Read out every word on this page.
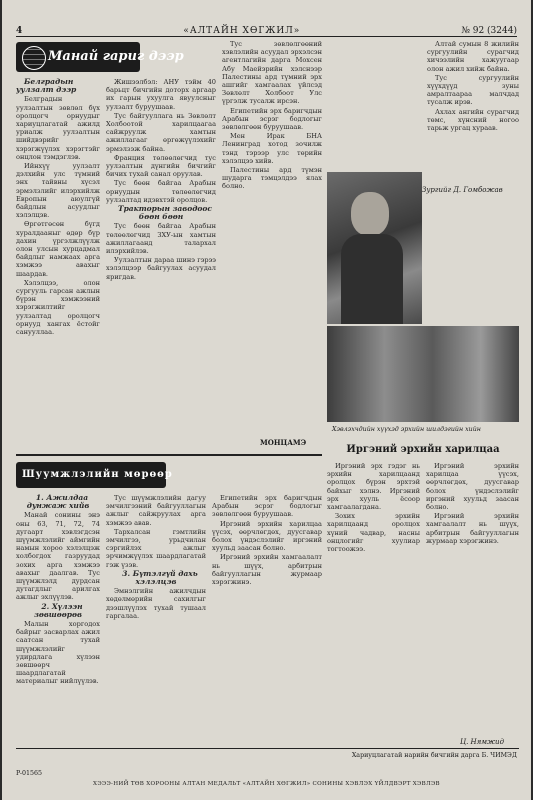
4	«АЛТАЙН ХӨГЖИЛ»	№ 92 (3244)
Манай гариг дээр

Белградын уулзалт дээр

Белградын уулзалтын зөвлөл бүх оролцогч орнуудыг хариуцлагатай ажилд уриалж уулзалтын шийдвэрийг хэрэгжүүлэх хэрэгтэйг онцлон тэмдэглэв.

Ийнхүү уулзалт дэлхийн улс түмний энх тайвны хүсэл эрмэлзлийг илэрхийлж Европын аюулгүй байдлын асуудлыг хэлэлцэв.

Өргөтгөсөн бүгд хуралдааныг өдөр бүр дахин үргэлжлүүлж олон улсын хурцадмал байдлыг намжаах арга хэмжээ авахыг шаардав.

Хэлэлцээ, олон сургууль гарсан ажлын бүрэн хэмжээний хэрэгжилтийг уулзалтад оролцогч орнууд хангах ёстойг санууллаа.

Жишээлбэл: АНУ тэйм 40 барьцт бичгийн доторх аргаар их гарын ухуулга явуулсныг уулзалт буруушаав.

Тус байгууллага нь Зөвлөлт Холбоотой харилцаагаа сайжруулж хамтын ажиллагааг өргөжүүлэхийг эрмэлзэж байна.

Франция төлөөлөгчид тус уулзалтын дүнгийн бичгийг бичих тухай санал оруулав.

Тус бөөн байгаа Арабын орнуудын төлөөлөгчид уулзалтад идэвхтэй оролцов.

Тракторын заводоос бөөн бөөн

Тус бөөн байгаа Арабын төлөөлөгчид ЗХУ-ын хамтын ажиллагаанд талархал илэрхийлэв.

Уулзалтын дараа шинэ гэрээ хэлэлцээр байгуулах асуудал яригдав.

Тус зөвлөлгөөний хэвлэлийн асуудал эрхэлсэн агентлагийн дарга Мохсен Абу Маейэрийн хэлснээр Палестины ард түмний эрх ашгийг хамгаалах үйлсэд Зөвлөлт Холбоот Улс үргэлж тусалж ирсэн.

Египетийн эрх баригчдын Арабын эсрэг бодлогыг зөвлөлгөөн буруушаав.

Мен Ирак БНА Ленинград хотод зочилж тэнд тэрээр улс төрийн хэлэлцээ хийв.

Палестины ард түмэн шударга тэмцэлдээ ялах болно.

МОНЦАМЭ

Алтай сумын 8 жилийн сургуулийн сурагчид хичээлийн хажуугаар олон ажил хийж байна.

Тус сургуулийн хүүхдүүд зуны амралтаараа малчдад тусалж ирэв.

Ахлах ангийн сурагчид төмс, хүнсний ногоо тарьж ургац хураав.

Зургийг Д. Гомбожав
Хэвлэхчдийн хүүхэд эрхийн шилдэгийн хийн
Иргэний эрхийн харилцаа

Иргэний эрх гэдэг нь эрхийн харилцаанд оролцох бүрэн эрхтэй байхыг хэлнэ. Иргэний эрх хууль ёсоор хамгаалагдана.

Зохих эрхийн харилцаанд оролцох хүний чадвар, насны онцлогийг хуулиар тогтоожээ.

Иргэний эрхийн харилцаа үүсэх, өөрчлөгдөх, дуусгавар болох үндэслэлийг иргэний хуульд заасан болно.

Иргэний эрхийн хамгаалалт нь шүүх, арбитрын байгууллагын журмаар хэрэгжинэ.

Ц. Нямжид
Шуумжлэлийн мөрөөр

1. Ажилдаа дунжаж хийв

Манай сонины энэ оны 63, 71, 72, 74 дугаарт хэвлэгдсэн шүүмжлэлийг аймгийн намын хороо хэлэлцэж холбогдох газруудад зохих арга хэмжээ авахыг даалгав. Тус шүүмжлэлд дурдсан дутагдлыг арилгах ажлыг эхлүүлэв.

2. Хүлээн зөвшөөрөв

Малын хоргодох байрыг засварлах ажил саатсан тухай шүүмжлэлийг удирдлага хүлээн зөвшөөрч шаардлагатай материалыг нийлүүлэв.

Тус шүүмжлэлийн дагуу эмчилгээний байгууллагын ажлыг сайжруулах арга хэмжээ авав.

Тархалсан гэмтлийн эмчилгээ, урьдчилан сэргийлэх ажлыг эрчимжүүлэх шаардлагатай гэж үзэв.

3. Бүтэлгүй дахь хэлэлцэв

Эмнэлгийн ажилчдын хөдөлмөрийн сахилгыг дээшлүүлэх тухай тушаал гаргалаа.

Египетийн эрх баригчдын Арабын эсрэг бодлогыг зөвлөлгөөн буруушаав.

Иргэний эрхийн харилцаа үүсэх, өөрчлөгдөх, дуусгавар болох үндэслэлийг иргэний хуульд заасан болно.

Иргэний эрхийн хамгаалалт нь шүүх, арбитрын байгууллагын журмаар хэрэгжинэ.

Хариуцлагатай нарийн бичгийн дарга Б. ЧИМЭД
P-01565
ХЭЭЭ-НИЙ ТӨВ ХОРООНЫ АЛТАН МЕДАЛЬТ «АЛТАЙН ХӨГЖИЛ» СОНИНЫ ХЭВЛЭХ ҮЙЛДВЭРТ ХЭВЛЭВ
